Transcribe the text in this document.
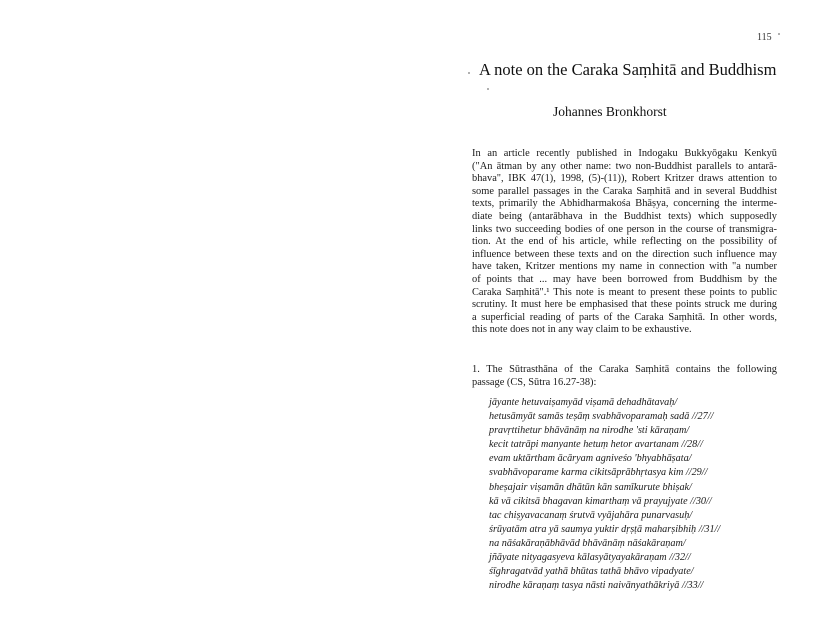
115
A note on the Caraka Saṃhitā and Buddhism
Johannes Bronkhorst
In an article recently published in Indogaku Bukkyōgaku Kenkyū
("An ātman by any other name: two non-Buddhist parallels to antarā-
bhava", IBK 47(1), 1998, (5)-(11)), Robert Kritzer draws attention to
some parallel passages in the Caraka Saṃhitā and in several Buddhist
texts, primarily the Abhidharmakośa Bhāṣya, concerning the interme-
diate being (antarābhava in the Buddhist texts) which supposedly
links two succeeding bodies of one person in the course of transmigra-
tion. At the end of his article, while reflecting on the possibility of
influence between these texts and on the direction such influence may
have taken, Kritzer mentions my name in connection with "a number
of points that ... may have been borrowed from Buddhism by the
Caraka Saṃhitā".¹ This note is meant to present these points to public
scrutiny. It must here be emphasised that these points struck me during
a superficial reading of parts of the Caraka Saṃhitā. In other words,
this note does not in any way claim to be exhaustive.
1. The Sūtrasthāna of the Caraka Saṃhitā contains the following
passage (CS, Sūtra 16.27-38):
jāyante hetuvaiṣamyād viṣamā dehadhātavaḥ/
hetusāmyāt samās teṣāṃ svabhāvoparamaḥ sadā //27//
pravṛttihetur bhāvānāṃ na nirodhe 'sti kāraṇam/
kecit tatrāpi manyante hetuṃ hetor avartanam //28//
evam uktārtham ācāryam agniveśo 'bhyabhāṣata/
svabhāvoparame karma cikitsāprābhṛtasya kim //29//
bheṣajair viṣamān dhātūn kān samīkurute bhiṣak/
kā vā cikitsā bhagavan kimarthaṃ vā prayujyate //30//
tac chiṣyavacanaṃ śrutvā vyājahāra punarvasuḥ/
śrūyatām atra yā saumya yuktir dṛṣṭā maharṣibhiḥ //31//
na nāśakāraṇābhāvād bhāvānāṃ nāśakāraṇam/
jñāyate nityagasyeva kālasyātyayakāraṇam //32//
śīghragatvād yathā bhūtas tathā bhāvo vipadyate/
nirodhe kāraṇaṃ tasya nāsti naivānyathākriyā //33//
